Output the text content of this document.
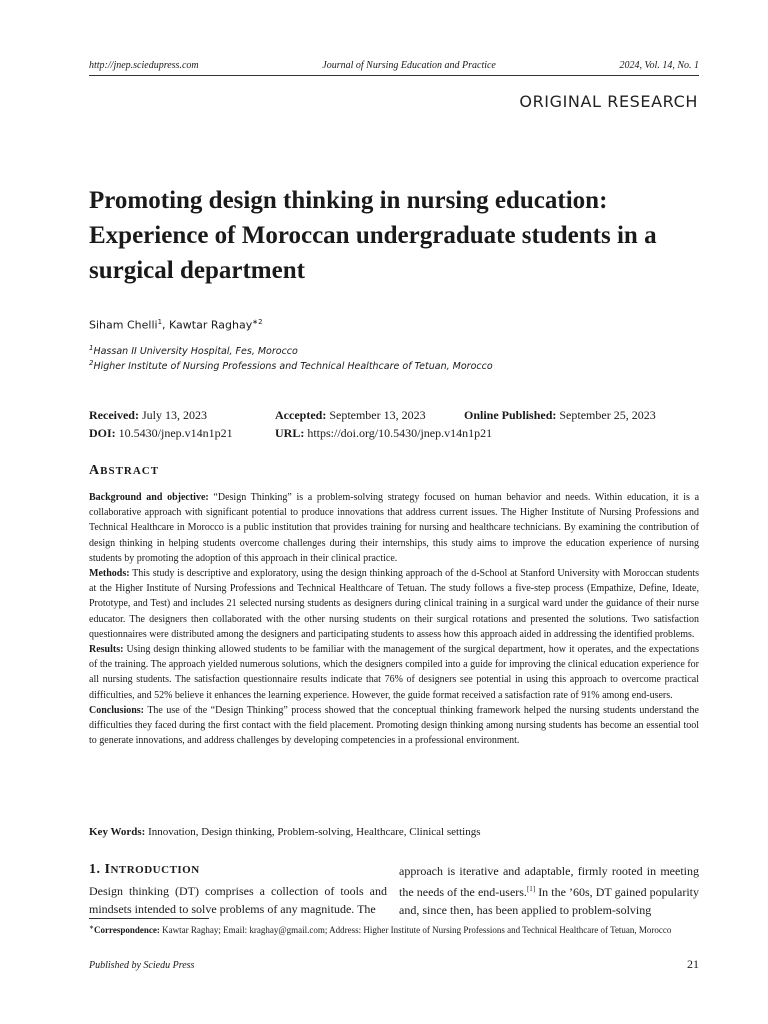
http://jnep.sciedupress.com	Journal of Nursing Education and Practice	2024, Vol. 14, No. 1
ORIGINAL RESEARCH
Promoting design thinking in nursing education: Experience of Moroccan undergraduate students in a surgical department
Siham Chelli$^1$, Kawtar Raghay$^{∗2}$
$^1$Hassan II University Hospital, Fes, Morocco
$^2$Higher Institute of Nursing Professions and Technical Healthcare of Tetuan, Morocco
Received: July 13, 2023	Accepted: September 13, 2023	Online Published: September 25, 2023
DOI: 10.5430/jnep.v14n1p21	URL: https://doi.org/10.5430/jnep.v14n1p21
ABSTRACT

Background and objective: “Design Thinking” is a problem-solving strategy focused on human behavior and needs. Within education, it is a collaborative approach with significant potential to produce innovations that address current issues. The Higher Institute of Nursing Professions and Technical Healthcare in Morocco is a public institution that provides training for nursing and healthcare technicians. By examining the contribution of design thinking in helping students overcome challenges during their internships, this study aims to improve the education experience of nursing students by promoting the adoption of this approach in their clinical practice.

Methods: This study is descriptive and exploratory, using the design thinking approach of the d-School at Stanford University with Moroccan students at the Higher Institute of Nursing Professions and Technical Healthcare of Tetuan. The study follows a five-step process (Empathize, Define, Ideate, Prototype, and Test) and includes 21 selected nursing students as designers during clinical training in a surgical ward under the guidance of their nurse educator. The designers then collaborated with the other nursing students on their surgical rotations and presented the solutions. Two satisfaction questionnaires were distributed among the designers and participating students to assess how this approach aided in addressing the identified problems.

Results: Using design thinking allowed students to be familiar with the management of the surgical department, how it operates, and the expectations of the training. The approach yielded numerous solutions, which the designers compiled into a guide for improving the clinical education experience for all nursing students. The satisfaction questionnaire results indicate that 76% of designers see potential in using this approach to overcome practical difficulties, and 52% believe it enhances the learning experience. However, the guide format received a satisfaction rate of 91% among end-users.

Conclusions: The use of the “Design Thinking” process showed that the conceptual thinking framework helped the nursing students understand the difficulties they faced during the first contact with the field placement. Promoting design thinking among nursing students has become an essential tool to generate innovations, and address challenges by developing competencies in a professional environment.

Key Words: Innovation, Design thinking, Problem-solving, Healthcare, Clinical settings
1. INTRODUCTION

Design thinking (DT) comprises a collection of tools and mindsets intended to solve problems of any magnitude. The

approach is iterative and adaptable, firmly rooted in meeting the needs of the end-users.[1] In the ’60s, DT gained popularity and, since then, has been applied to problem-solving

∗Correspondence: Kawtar Raghay; Email: kraghay@gmail.com; Address: Higher Institute of Nursing Professions and Technical Healthcare of Tetuan, Morocco
Published by Sciedu Press	21
